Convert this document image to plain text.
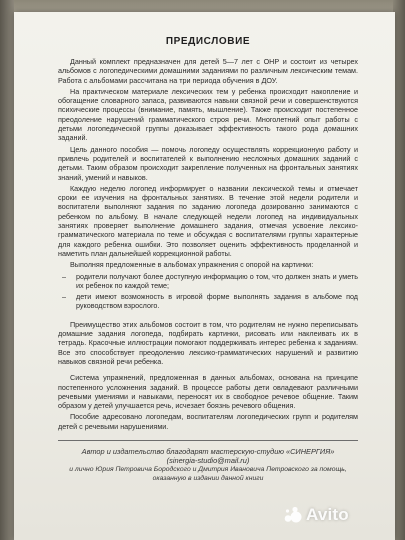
ПРЕДИСЛОВИЕ

Данный комплект предназначен для детей 5—7 лет с ОНР и состоит из четырех альбомов с логопедическими домашними заданиями по различным лексическим темам. Работа с альбомами рассчитана на три периода обучения в ДОУ.

На практическом материале лексических тем у ребенка происходит накопление и обогащение словарного запаса, развиваются навыки связной речи и совершенствуются психические процессы (внимание, память, мышление). Также происходит постепенное преодоление нарушений грамматического строя речи. Многолетний опыт работы с детьми логопедической группы доказывает эффективность такого рода домашних заданий.

Цель данного пособия — помочь логопеду осуществлять коррекционную работу и привлечь родителей и воспитателей к выполнению несложных домашних заданий с детьми. Таким образом происходит закрепление полученных на фронтальных занятиях знаний, умений и навыков.

Каждую неделю логопед информирует о названии лексической темы и отмечает сроки ее изучения на фронтальных занятиях. В течение этой недели родители и воспитатели выполняют задания по заданию логопеда дозированно занимаются с ребенком по альбому. В начале следующей недели логопед на индивидуальных занятиях проверяет выполнение домашнего задания, отмечая усвоение лексико-грамматического материала по теме и обсуждая с воспитателями группы характерные для каждого ребенка ошибки. Это позволяет оценить эффективность проделанной и наметить план дальнейшей коррекционной работы.

Выполняя предложенные в альбомах упражнения с опорой на картинки:

– родители получают более доступную информацию о том, что должен знать и уметь их ребенок по каждой теме;
– дети имеют возможность в игровой форме выполнять задания в альбоме под руководством взрослого.

Преимущество этих альбомов состоит в том, что родителям не нужно переписывать домашние задания логопеда, подбирать картинки, рисовать или наклеивать их в тетрадь. Красочные иллюстрации помогают поддерживать интерес ребенка к заданиям. Все это способствует преодолению лексико-грамматических нарушений и развитию навыков связной речи ребенка.

Система упражнений, предложенная в данных альбомах, основана на принципе постепенного усложнения заданий. В процессе работы дети овладевают различными речевыми умениями и навыками, переносят их в свободное речевое общение. Таким образом у детей улучшается речь, исчезает боязнь речевого общения.

Пособие адресовано логопедам, воспитателям логопедических групп и родителям детей с речевыми нарушениями.

Автор и издательство благодарят мастерскую-студию «СИНЕРГИЯ»

(sinergia-studio@mail.ru)

и лично Юрия Петровича Бородского и Дмитрия Ивановича Петровского за помощь,

оказанную в издании данной книги

Avito
